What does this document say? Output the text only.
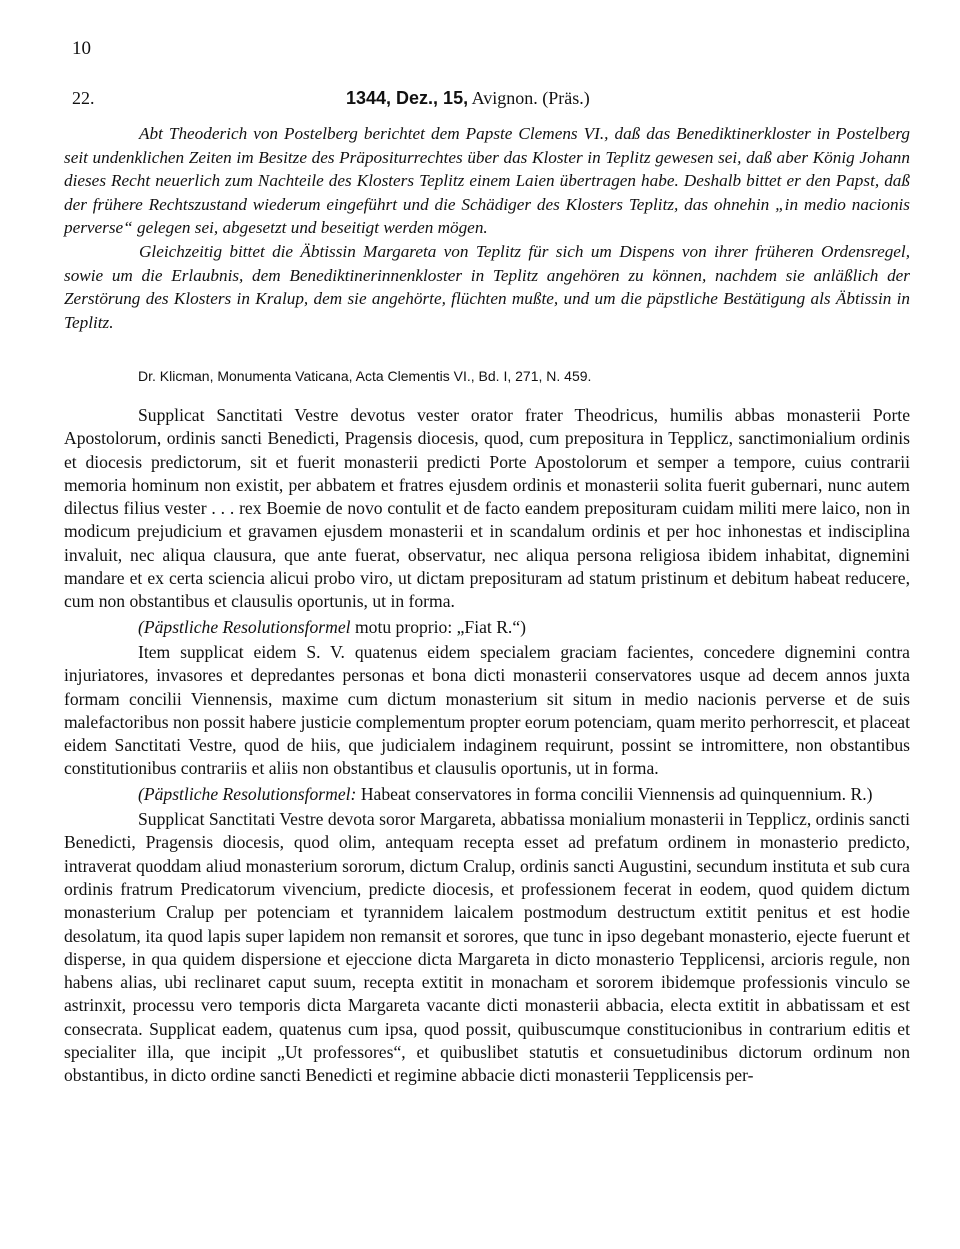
10
22.	1344, Dez., 15, Avignon. (Präs.)

Abt Theoderich von Postelberg berichtet dem Papste Clemens VI., daß das Benediktinerkloster in Postelberg seit undenklichen Zeiten im Besitze des Präpositurrechtes über das Kloster in Teplitz gewesen sei, daß aber König Johann dieses Recht neuerlich zum Nachteile des Klosters Teplitz einem Laien übertragen habe. Deshalb bittet er den Papst, daß der frühere Rechtszustand wiederum eingeführt und die Schädiger des Klosters Teplitz, das ohnehin „in medio nacionis perverse“ gelegen sei, abgesetzt und beseitigt werden mögen.

Gleichzeitig bittet die Äbtissin Margareta von Teplitz für sich um Dispens von ihrer früheren Ordensregel, sowie um die Erlaubnis, dem Benediktinerinnenkloster in Teplitz angehören zu können, nachdem sie anläßlich der Zerstörung des Klosters in Kralup, dem sie angehörte, flüchten mußte, und um die päpstliche Bestätigung als Äbtissin in Teplitz.

Dr. Klicman, Monumenta Vaticana, Acta Clementis VI., Bd. I, 271, N. 459.

Supplicat Sanctitati Vestre devotus vester orator frater Theodricus, humilis abbas monasterii Porte Apostolorum, ordinis sancti Benedicti, Pragensis diocesis, quod, cum prepositura in Tepplicz, sanctimonialium ordinis et diocesis predictorum, sit et fuerit monasterii predicti Porte Apostolorum et semper a tempore, cuius contrarii memoria hominum non existit, per abbatem et fratres ejusdem ordinis et monasterii solita fuerit gubernari, nunc autem dilectus filius vester . . . rex Boemie de novo contulit et de facto eandem preposituram cuidam militi mere laico, non in modicum prejudicium et gravamen ejusdem monasterii et in scandalum ordinis et per hoc inhonestas et indisciplina invaluit, nec aliqua clausura, que ante fuerat, observatur, nec aliqua persona religiosa ibidem inhabitat, dignemini mandare et ex certa sciencia alicui probo viro, ut dictam preposituram ad statum pristinum et debitum habeat reducere, cum non obstantibus et clausulis oportunis, ut in forma.

(Päpstliche Resolutionsformel motu proprio: „Fiat R.“)

Item supplicat eidem S. V. quatenus eidem specialem graciam facientes, concedere dignemini contra injuriatores, invasores et depredantes personas et bona dicti monasterii conservatores usque ad decem annos juxta formam concilii Viennensis, maxime cum dictum monasterium sit situm in medio nacionis perverse et de suis malefactoribus non possit habere justicie complementum propter eorum potenciam, quam merito perhorrescit, et placeat eidem Sanctitati Vestre, quod de hiis, que judicialem indaginem requirunt, possint se intromittere, non obstantibus constitutionibus contrariis et aliis non obstantibus et clausulis oportunis, ut in forma.

(Päpstliche Resolutionsformel: Habeat conservatores in forma concilii Viennensis ad quinquennium. R.)

Supplicat Sanctitati Vestre devota soror Margareta, abbatissa monialium monasterii in Tepplicz, ordinis sancti Benedicti, Pragensis diocesis, quod olim, antequam recepta esset ad prefatum ordinem in monasterio predicto, intraverat quoddam aliud monasterium sororum, dictum Cralup, ordinis sancti Augustini, secundum instituta et sub cura ordinis fratrum Predicatorum vivencium, predicte diocesis, et professionem fecerat in eodem, quod quidem dictum monasterium Cralup per potenciam et tyrannidem laicalem postmodum destructum extitit penitus et est hodie desolatum, ita quod lapis super lapidem non remansit et sorores, que tunc in ipso degebant monasterio, ejecte fuerunt et disperse, in qua quidem dispersione et ejeccione dicta Margareta in dicto monasterio Tepplicensi, arcioris regule, non habens alias, ubi reclinaret caput suum, recepta extitit in monacham et sororem ibidemque professionis vinculo se astrinxit, processu vero temporis dicta Margareta vacante dicti monasterii abbacia, electa extitit in abbatissam et est consecrata. Supplicat eadem, quatenus cum ipsa, quod possit, quibuscumque constitucionibus in contrarium editis et specialiter illa, que incipit „Ut professores“, et quibuslibet statutis et consuetudinibus dictorum ordinum non obstantibus, in dicto ordine sancti Benedicti et regimine abbacie dicti monasterii Tepplicensis per-
